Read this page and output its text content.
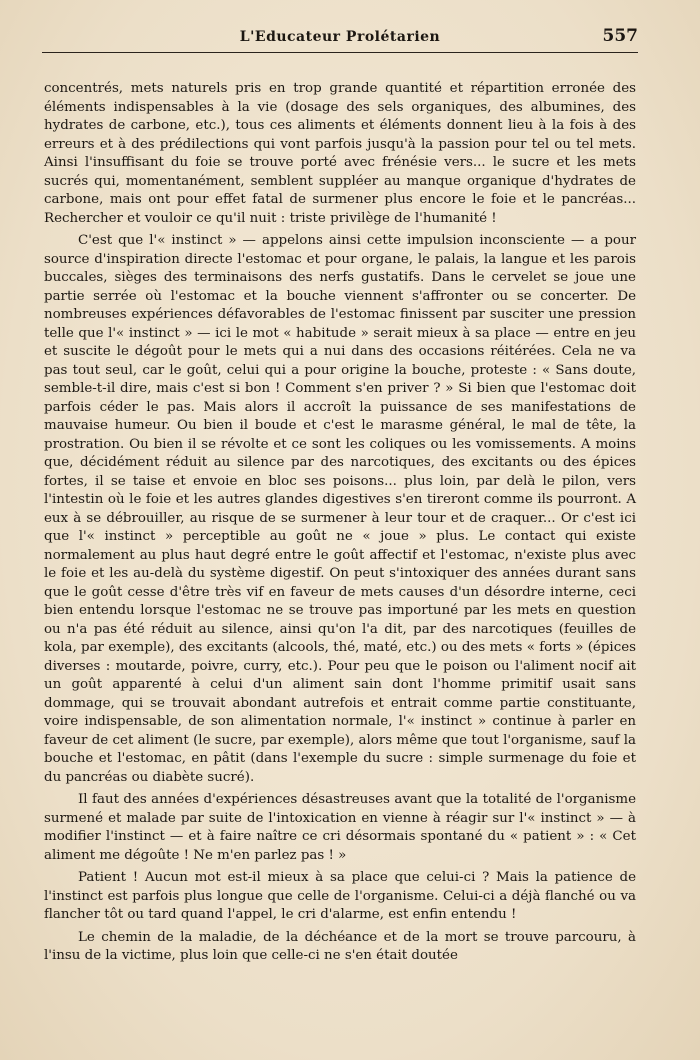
L'Educateur Prolétarien	557

concentrés, mets naturels pris en trop grande quantité et répartition erronée des éléments indispensables à la vie (dosage des sels organiques, des albumines, des hydrates de carbone, etc.), tous ces aliments et éléments donnent lieu à la fois à des erreurs et à des prédilections qui vont parfois jusqu'à la passion pour tel ou tel mets. Ainsi l'insuffisant du foie se trouve porté avec frénésie vers... le sucre et les mets sucrés qui, momentanément, semblent suppléer au manque organique d'hydrates de carbone, mais ont pour effet fatal de surmener plus encore le foie et le pancréas... Rechercher et vouloir ce qu'il nuit : triste privilège de l'humanité !

C'est que l'« instinct » — appelons ainsi cette impulsion inconsciente — a pour source d'inspiration directe l'estomac et pour organe, le palais, la langue et les parois buccales, sièges des terminaisons des nerfs gustatifs. Dans le cervelet se joue une partie serrée où l'estomac et la bouche viennent s'affronter ou se concerter. De nombreuses expériences défavorables de l'estomac finissent par susciter une pression telle que l'« instinct » — ici le mot « habitude » serait mieux à sa place — entre en jeu et suscite le dégoût pour le mets qui a nui dans des occasions réitérées. Cela ne va pas tout seul, car le goût, celui qui a pour origine la bouche, proteste : « Sans doute, semble-t-il dire, mais c'est si bon ! Comment s'en priver ? » Si bien que l'estomac doit parfois céder le pas. Mais alors il accroît la puissance de ses manifestations de mauvaise humeur. Ou bien il boude et c'est le marasme général, le mal de tête, la prostration. Ou bien il se révolte et ce sont les coliques ou les vomissements. A moins que, décidément réduit au silence par des narcotiques, des excitants ou des épices fortes, il se taise et envoie en bloc ses poisons... plus loin, par delà le pilon, vers l'intestin où le foie et les autres glandes digestives s'en tireront comme ils pourront. A eux à se débrouiller, au risque de se surmener à leur tour et de craquer... Or c'est ici que l'« instinct » perceptible au goût ne « joue » plus. Le contact qui existe normalement au plus haut degré entre le goût affectif et l'estomac, n'existe plus avec le foie et les au-delà du système digestif. On peut s'intoxiquer des années durant sans que le goût cesse d'être très vif en faveur de mets causes d'un désordre interne, ceci bien entendu lorsque l'estomac ne se trouve pas importuné par les mets en question ou n'a pas été réduit au silence, ainsi qu'on l'a dit, par des narcotiques (feuilles de kola, par exemple), des excitants (alcools, thé, maté, etc.) ou des mets « forts » (épices diverses : moutarde, poivre, curry, etc.). Pour peu que le poison ou l'aliment nocif ait un goût apparenté à celui d'un aliment sain dont l'homme primitif usait sans dommage, qui se trouvait abondant autrefois et entrait comme partie constituante, voire indispensable, de son alimentation normale, l'« instinct » continue à parler en faveur de cet aliment (le sucre, par exemple), alors même que tout l'organisme, sauf la bouche et l'estomac, en pâtit (dans l'exemple du sucre : simple surmenage du foie et du pancréas ou diabète sucré).

Il faut des années d'expériences désastreuses avant que la totalité de l'organisme surmené et malade par suite de l'intoxication en vienne à réagir sur l'« instinct » — à modifier l'instinct — et à faire naître ce cri désormais spontané du « patient » : « Cet aliment me dégoûte ! Ne m'en parlez pas ! »

Patient ! Aucun mot est-il mieux à sa place que celui-ci ? Mais la patience de l'instinct est parfois plus longue que celle de l'organisme. Celui-ci a déjà flanché ou va flancher tôt ou tard quand l'appel, le cri d'alarme, est enfin entendu !

Le chemin de la maladie, de la déchéance et de la mort se trouve parcouru, à l'insu de la victime, plus loin que celle-ci ne s'en était doutée
